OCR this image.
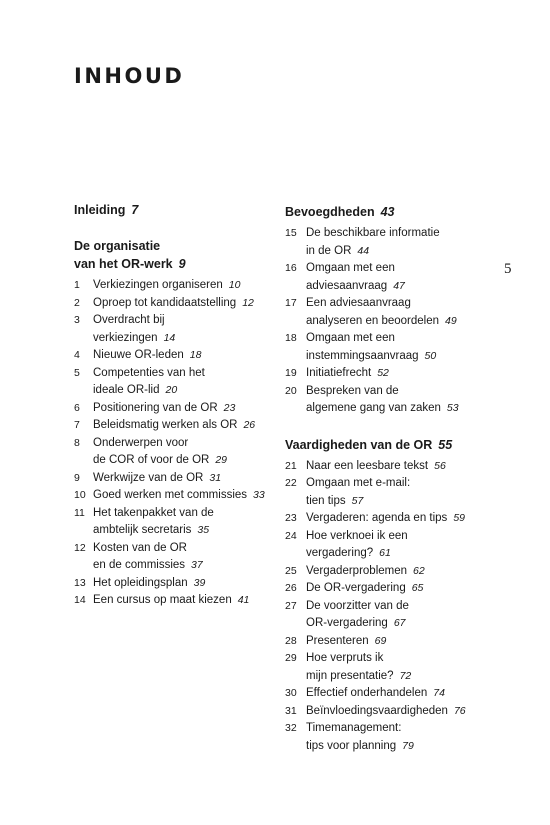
INHOUD
5
Inleiding 7
De organisatie
van het OR-werk 9
1	Verkiezingen organiseren 10
2	Oproep tot kandidaatstelling 12
3	Overdracht bij
verkiezingen 14
4	Nieuwe OR-leden 18
5	Competenties van het
ideale OR-lid 20
6	Positionering van de OR 23
7	Beleidsmatig werken als OR 26
8	Onderwerpen voor
de COR of voor de OR 29
9	Werkwijze van de OR 31
10 Goed werken met commissies 33
11 Het takenpakket van de
ambtelijk secretaris 35
12 Kosten van de OR
en de commissies 37
13 Het opleidingsplan 39
14 Een cursus op maat kiezen 41
Bevoegdheden 43
15 De beschikbare informatie
in de OR 44
16 Omgaan met een
adviesaanvraag 47
17 Een adviesaanvraag
analyseren en beoordelen 49
18 Omgaan met een
instemmingsaanvraag 50
19 Initiatiefrecht 52
20 Bespreken van de
algemene gang van zaken 53
Vaardigheden van de OR 55
21 Naar een leesbare tekst 56
22 Omgaan met e-mail:
tien tips 57
23 Vergaderen: agenda en tips 59
24 Hoe verknoei ik een
vergadering? 61
25 Vergaderproblemen 62
26 De OR-vergadering 65
27 De voorzitter van de
OR-vergadering 67
28 Presenteren 69
29 Hoe verpruts ik
mijn presentatie? 72
30 Effectief onderhandelen 74
31 Beïnvloedingsvaardigheden 76
32 Timemanagement:
tips voor planning 79
